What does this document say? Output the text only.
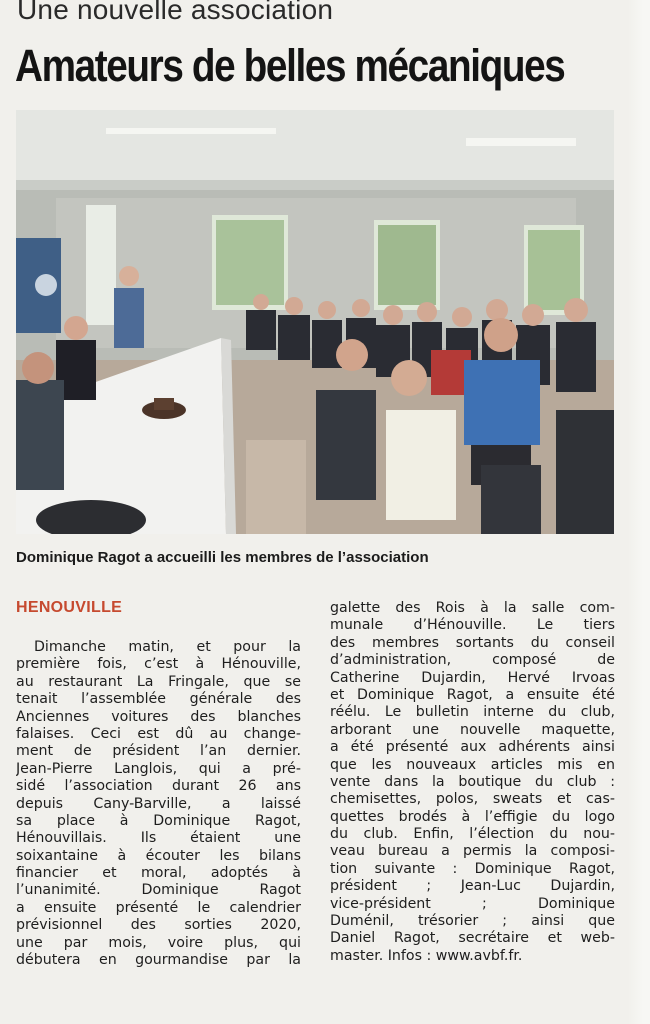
Une nouvelle association
Amateurs de belles mécaniques
Dominique Ragot a accueilli les membres de l’association
HENOUVILLE
Dimanche matin, et pour la
première fois, c’est à Hénouville,
au restaurant La Fringale, que se
tenait l’assemblée générale des
Anciennes voitures des blanches
falaises. Ceci est dû au change-
ment de président l’an dernier.
Jean-Pierre Langlois, qui a pré-
sidé l’association durant 26 ans
depuis Cany-Barville, a laissé
sa place à Dominique Ragot,
Hénouvillais. Ils étaient une
soixantaine à écouter les bilans
financier et moral, adoptés à
l’unanimité. Dominique Ragot
a ensuite présenté le calendrier
prévisionnel des sorties 2020,
une par mois, voire plus, qui
débutera en gourmandise par la
galette des Rois à la salle com-
munale d’Hénouville. Le tiers
des membres sortants du conseil
d’administration, composé de
Catherine Dujardin, Hervé Irvoas
et Dominique Ragot, a ensuite été
réélu. Le bulletin interne du club,
arborant une nouvelle maquette,
a été présenté aux adhérents ainsi
que les nouveaux articles mis en
vente dans la boutique du club :
chemisettes, polos, sweats et cas-
quettes brodés à l’effigie du logo
du club. Enfin, l’élection du nou-
veau bureau a permis la composi-
tion suivante : Dominique Ragot,
président ; Jean-Luc Dujardin,
vice-président ; Dominique
Duménil, trésorier ; ainsi que
Daniel Ragot, secrétaire et web-
master. Infos : www.avbf.fr.
